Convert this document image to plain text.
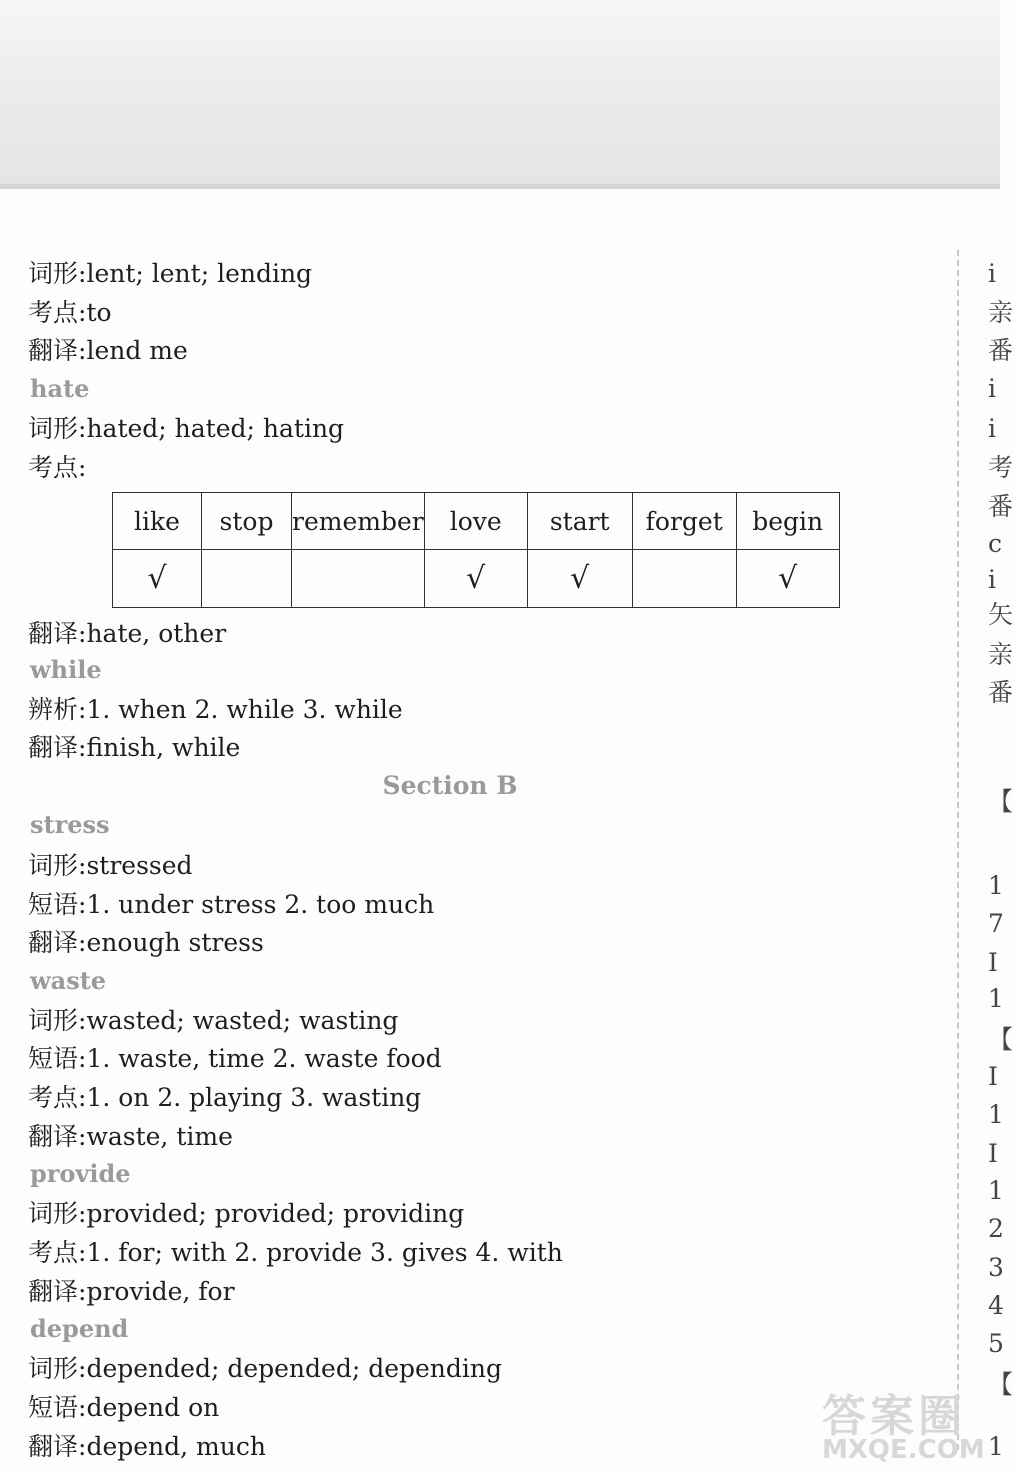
Section B
like	stop	remember	love	start	forget	begin
√			√	√		√
答案圈
MXQE.COM
词形:lent; lent; lending
考点:to
翻译:lend me
hate
词形:hated; hated; hating
考点:
翻译:hate, other
while
辨析:1. when 2. while 3. while
翻译:finish, while
stress
词形:stressed
短语:1. under stress 2. too much
翻译:enough stress
waste
词形:wasted; wasted; wasting
短语:1. waste, time 2. waste food
考点:1. on 2. playing 3. wasting
翻译:waste, time
provide
词形:provided; provided; providing
考点:1. for; with 2. provide 3. gives 4. with
翻译:provide, for
depend
词形:depended; depended; depending
短语:depend on
翻译:depend, much
i
亲
番
i
i
考
番
c
i
矢
亲
番
【
1
7
I
1
【
I
1
I
1
2
3
4
5
【
1
